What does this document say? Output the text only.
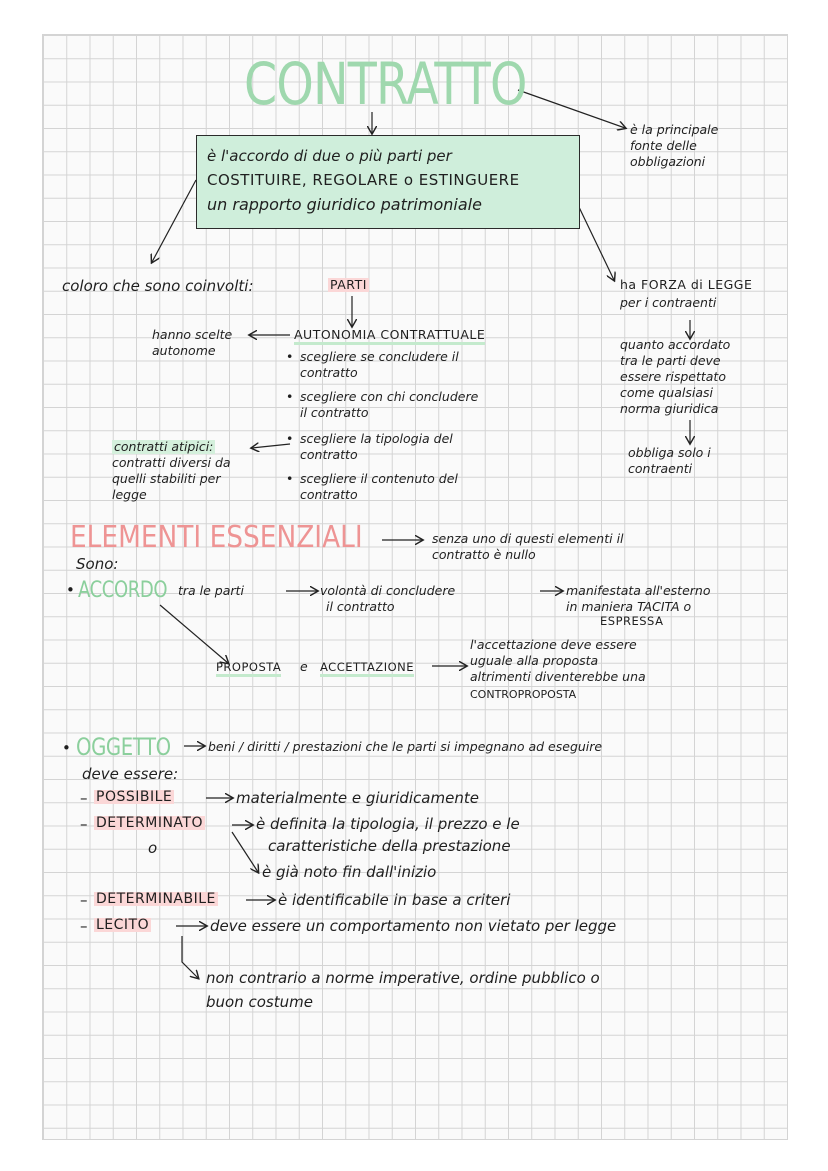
CONTRATTO
è la principale
fonte delle
obbligazioni
è l'accordo di due o più parti per
COSTITUIRE, REGOLARE o ESTINGUERE
un rapporto giuridico patrimoniale
coloro che sono coinvolti:	PARTI	ha FORZA di LEGGE
per i contraenti
quanto accordato
tra le parti deve
essere rispettato
come qualsiasi
norma giuridica
obbliga solo i
contraenti
hanno scelte
autonome
AUTONOMIA CONTRATTUALE
• scegliere se concludere il
contratto
• scegliere con chi concludere
il contratto
• scegliere la tipologia del
contratto
• scegliere il contenuto del
contratto
contratti atipici:
contratti diversi da
quelli stabiliti per
legge
ELEMENTI ESSENZIALI	senza uno di questi elementi il
contratto è nullo
Sono:
• ACCORDO tra le parti	volontà di concludere
il contratto
manifestata all'esterno
in maniera TACITA o
ESPRESSA
PROPOSTA e ACCETTAZIONE
l'accettazione deve essere
uguale alla proposta
altrimenti diventerebbe una
CONTROPROPOSTA
• OGGETTO	beni / diritti / prestazioni che le parti si impegnano ad eseguire
deve essere:
– POSSIBILE	materialmente e giuridicamente
– DETERMINATO	è definita la tipologia, il prezzo e le
caratteristiche della prestazione
o
è già noto fin dall'inizio
– DETERMINABILE	è identificabile in base a criteri
– LECITO	deve essere un comportamento non vietato per legge
non contrario a norme imperative, ordine pubblico o
buon costume
